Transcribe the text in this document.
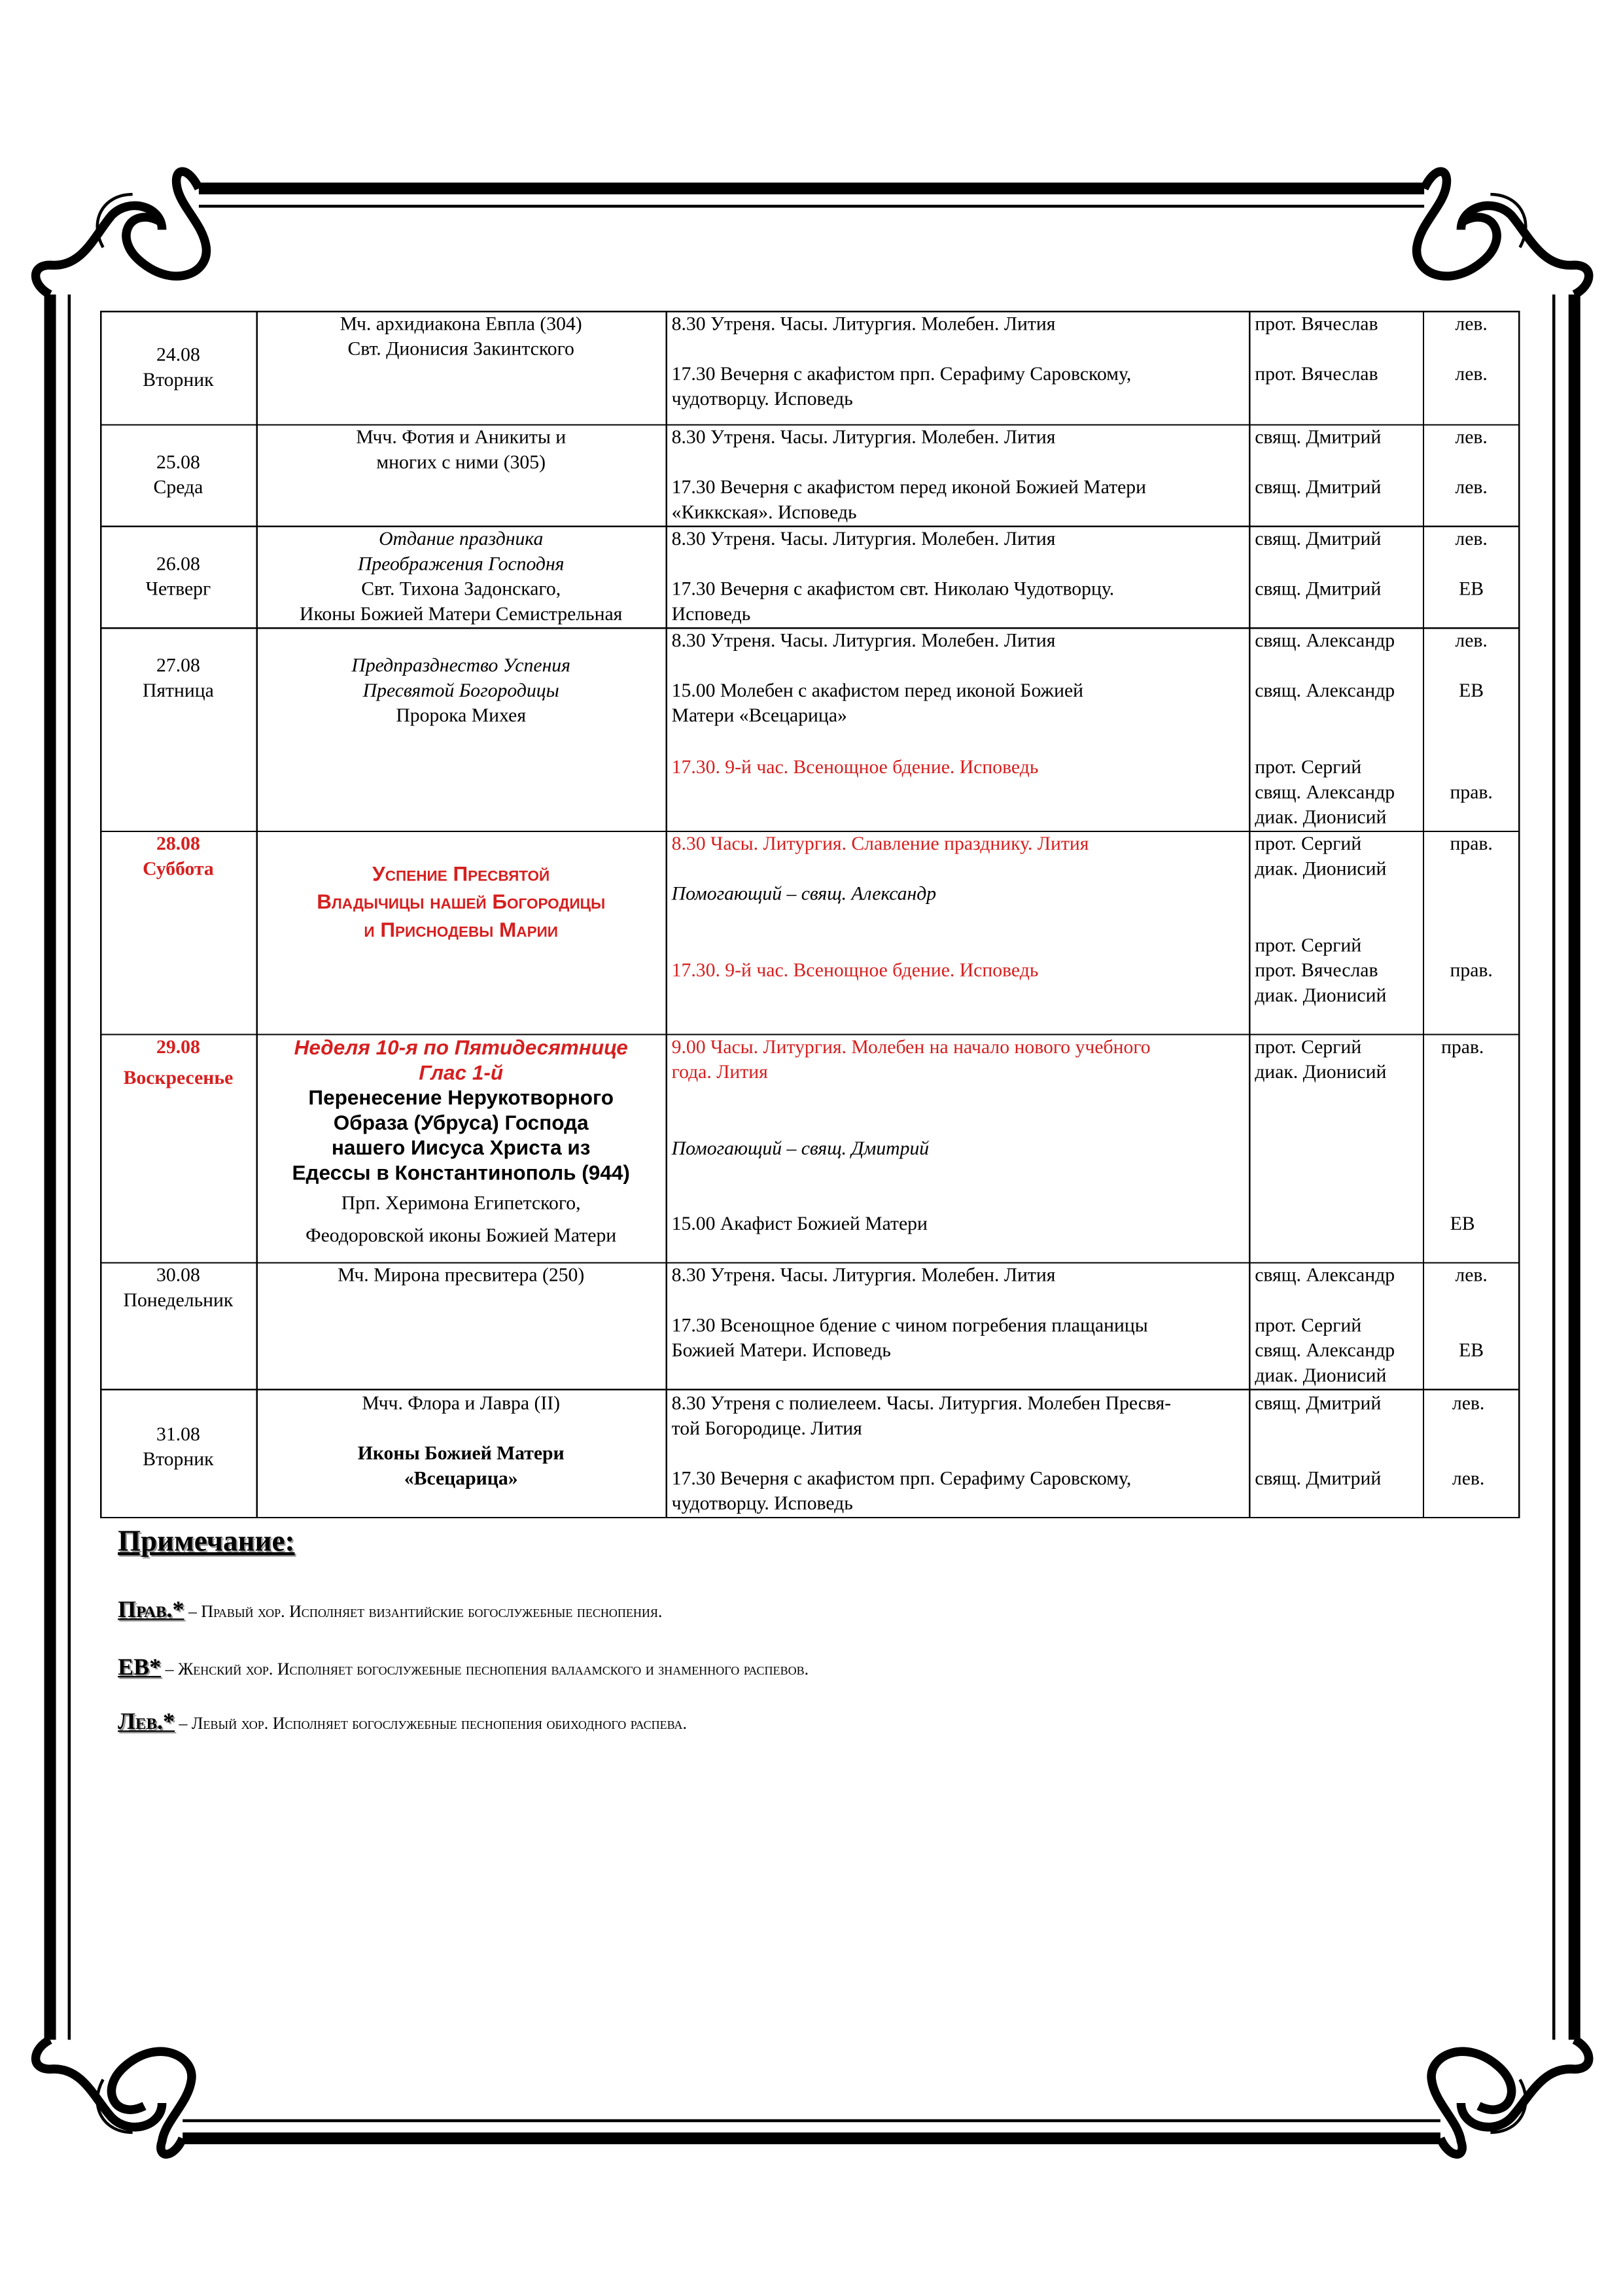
24.08

Вторник

Мч. архидиакона Евпла (304)

Свт. Дионисия Закинтского

8.30 Утреня. Часы. Литургия. Молебен. Лития

17.30 Вечерня с акафистом прп. Серафиму Саровскому,

чудотворцу. Исповедь

прот. Вячеслав

прот. Вячеслав

лев.

лев.

25.08

Среда

Мчч. Фотия и Аникиты и

многих с ними (305)

8.30 Утреня. Часы. Литургия. Молебен. Лития

17.30 Вечерня с акафистом перед иконой Божией Матери

«Киккская». Исповедь

свящ. Дмитрий

свящ. Дмитрий

лев.

лев.

26.08

Четверг

Отдание праздника

Преображения Господня

Свт. Тихона Задонскаго,

Иконы Божией Матери Семистрельная

8.30 Утреня. Часы. Литургия. Молебен. Лития

17.30 Вечерня с акафистом свт. Николаю Чудотворцу.

Исповедь

свящ. Дмитрий

свящ. Дмитрий

лев.

ЕВ

27.08

Пятница

Предпразднество Успения

Пресвятой Богородицы

Пророка Михея

8.30 Утреня. Часы. Литургия. Молебен. Лития

15.00 Молебен с акафистом перед иконой Божией

Матери «Всецарица»

17.30. 9-й час. Всенощное бдение. Исповедь

свящ. Александр

свящ. Александр

прот. Сергий

свящ. Александр

диак. Дионисий

лев.

ЕВ

прав.

28.08

Суббота	Успение Пресвятой

Владычицы нашей Богородицы

и Приснодевы Марии

8.30 Часы. Литургия. Славление празднику. Лития

Помогающий – свящ. Александр

17.30. 9-й час. Всенощное бдение. Исповедь

прот. Сергий

диак. Дионисий

прот. Сергий

прот. Вячеслав

диак. Дионисий

прав.

прав.

29.08

Воскресенье

Неделя 10-я по Пятидесятнице

Глас 1-й

Перенесение Нерукотворного

Образа (Убруса) Господа

нашего Иисуса Христа из

Едессы в Константинополь (944)

Прп. Херимона Египетского,

Феодоровской иконы Божией Матери

9.00 Часы. Литургия. Молебен на начало нового учебного

года. Лития

Помогающий – свящ. Дмитрий

15.00 Акафист Божией Матери

прот. Сергий

диак. Дионисий

прав.

ЕВ

30.08

Понедельник

Мч. Мирона пресвитера (250)	8.30 Утреня. Часы. Литургия. Молебен. Лития

17.30 Всенощное бдение с чином погребения плащаницы

Божией Матери. Исповедь

свящ. Александр

прот. Сергий

свящ. Александр

диак. Дионисий

лев.

ЕВ

31.08

Вторник

Мчч. Флора и Лавра (II)

Иконы Божией Матери

«Всецарица»

8.30 Утреня с полиелеем. Часы. Литургия. Молебен Пресвя-

той Богородице. Лития

17.30 Вечерня с акафистом прп. Серафиму Саровскому,

чудотворцу. Исповедь

свящ. Дмитрий

свящ. Дмитрий

лев.

лев.

Примечание:
Прав.* – Правый хор. Исполняет византийские богослужебные песнопения.
ЕВ* – Женский хор. Исполняет богослужебные песнопения валаамского и знаменного распевов.
Лев.* – Левый хор. Исполняет богослужебные песнопения обиходного распева.
